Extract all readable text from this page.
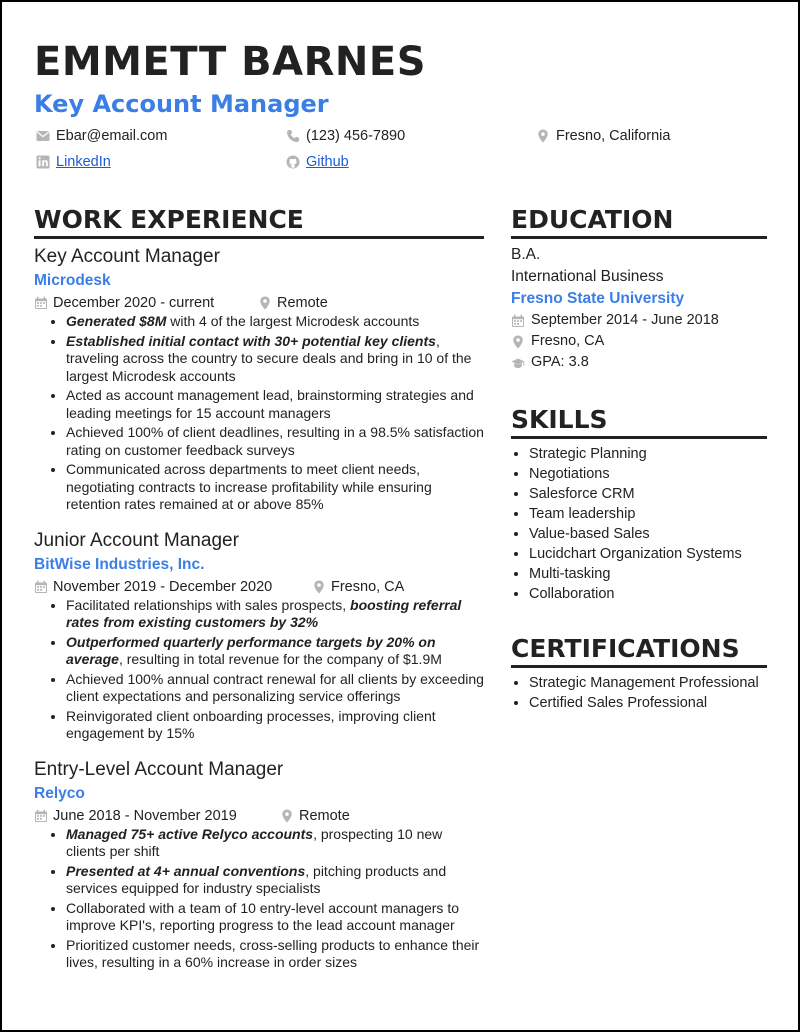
EMMETT BARNES
Key Account Manager
Ebar@email.com	(123) 456-7890	Fresno, California
LinkedIn	Github
WORK EXPERIENCE

Key Account Manager

Microdesk

December 2020 - current	Remote
• Generated $8M with 4 of the largest Microdesk accounts
• Established initial contact with 30+ potential key clients, traveling across the country to secure deals and bring in 10 of the largest Microdesk accounts
• Acted as account management lead, brainstorming strategies and leading meetings for 15 account managers
• Achieved 100% of client deadlines, resulting in a 98.5% satisfaction rating on customer feedback surveys
• Communicated across departments to meet client needs, negotiating contracts to increase profitability while ensuring retention rates remained at or above 85%

Junior Account Manager

BitWise Industries, Inc.

November 2019 - December 2020	Fresno, CA
• Facilitated relationships with sales prospects, boosting referral rates from existing customers by 32%
• Outperformed quarterly performance targets by 20% on average, resulting in total revenue for the company of $1.9M
• Achieved 100% annual contract renewal for all clients by exceeding client expectations and personalizing service offerings
• Reinvigorated client onboarding processes, improving client engagement by 15%

Entry-Level Account Manager

Relyco

June 2018 - November 2019	Remote
• Managed 75+ active Relyco accounts, prospecting 10 new clients per shift
• Presented at 4+ annual conventions, pitching products and services equipped for industry specialists
• Collaborated with a team of 10 entry-level account managers to improve KPI's, reporting progress to the lead account manager
• Prioritized customer needs, cross-selling products to enhance their lives, resulting in a 60% increase in order sizes
EDUCATION

B.A.

International Business

Fresno State University

September 2014 - June 2018
Fresno, CA
GPA: 3.8
SKILLS
• Strategic Planning
• Negotiations
• Salesforce CRM
• Team leadership
• Value-based Sales
• Lucidchart Organization Systems
• Multi-tasking
• Collaboration
CERTIFICATIONS
• Strategic Management Professional
• Certified Sales Professional
